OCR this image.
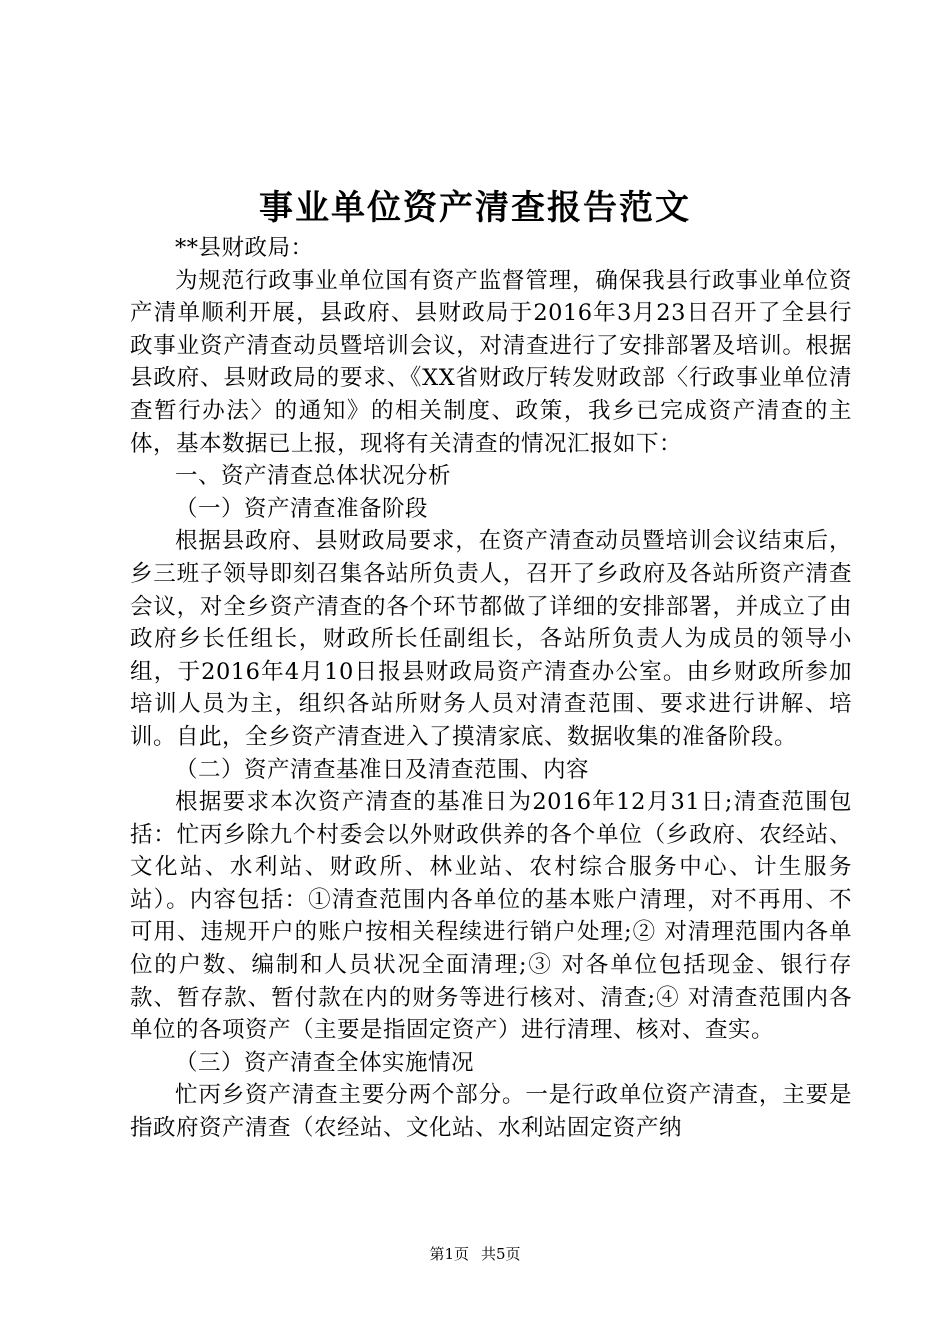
事业单位资产清查报告范文

**县财政局：

为规范行政事业单位国有资产监督管理，确保我县行政事业单位资产清单顺利开展，县政府、县财政局于2016年3月23日召开了全县行政事业资产清查动员暨培训会议，对清查进行了安排部署及培训。根据县政府、县财政局的要求、《XX省财政厅转发财政部〈行政事业单位清查暂行办法〉的通知》的相关制度、政策，我乡已完成资产清查的主体，基本数据已上报，现将有关清查的情况汇报如下：

一、资产清查总体状况分析

（一）资产清查准备阶段

根据县政府、县财政局要求，在资产清查动员暨培训会议结束后，乡三班子领导即刻召集各站所负责人，召开了乡政府及各站所资产清查会议，对全乡资产清查的各个环节都做了详细的安排部署，并成立了由政府乡长任组长，财政所长任副组长，各站所负责人为成员的领导小组，于2016年4月10日报县财政局资产清查办公室。由乡财政所参加培训人员为主，组织各站所财务人员对清查范围、要求进行讲解、培训。自此，全乡资产清查进入了摸清家底、数据收集的准备阶段。

（二）资产清查基准日及清查范围、内容

根据要求本次资产清查的基准日为2016年12月31日;清查范围包括：忙丙乡除九个村委会以外财政供养的各个单位（乡政府、农经站、文化站、水利站、财政所、林业站、农村综合服务中心、计生服务站）。内容包括：①清查范围内各单位的基本账户清理，对不再用、不可用、违规开户的账户按相关程续进行销户处理;② 对清理范围内各单位的户数、编制和人员状况全面清理;③ 对各单位包括现金、银行存款、暂存款、暂付款在内的财务等进行核对、清查;④ 对清查范围内各单位的各项资产（主要是指固定资产）进行清理、核对、查实。

（三）资产清查全体实施情况

忙丙乡资产清查主要分两个部分。一是行政单位资产清查，主要是指政府资产清查（农经站、文化站、水利站固定资产纳

第1页 共5页
